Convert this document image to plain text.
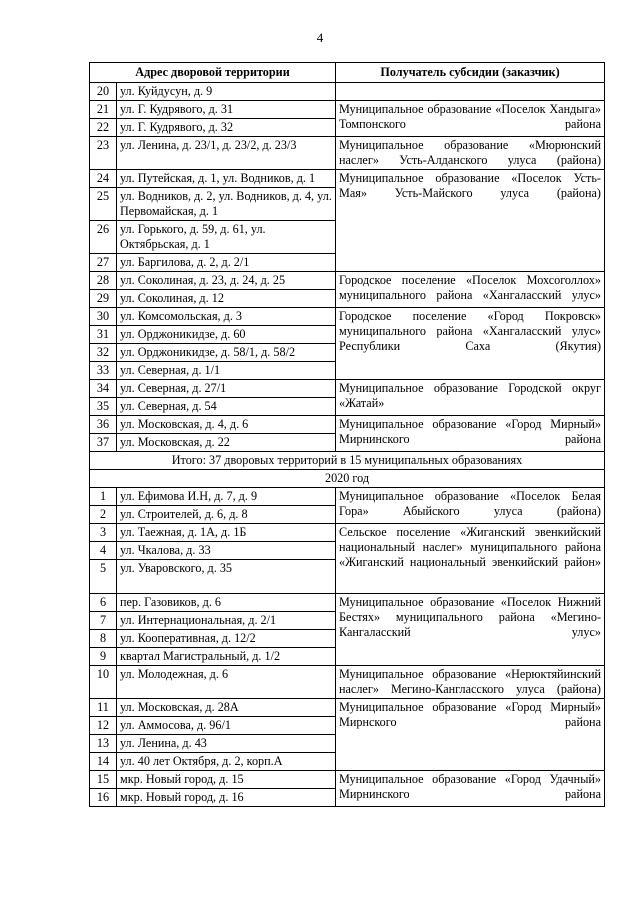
4
Адрес дворовой территории		Получатель субсидии (заказчик)
20	ул. Куйдусун, д. 9	
21	ул. Г. Кудрявого, д. 31	Муниципальное образование «Поселок Хандыга» Томпонского района
22	ул. Г. Кудрявого, д. 32	
23	ул. Ленина, д. 23/1, д. 23/2, д. 23/3	Муниципальное образование «Мюрюнский наслег» Усть-Алданского улуса (района)
24	ул. Путейская, д. 1, ул. Водников, д. 1	Муниципальное образование «Поселок Усть-Мая» Усть-Майского улуса (района)
25	ул. Водников, д. 2, ул. Водников, д. 4, ул. Первомайская, д. 1	
26	ул. Горького, д. 59, д. 61, ул. Октябрьская, д. 1	
27	ул. Баргилова, д. 2, д. 2/1	
28	ул. Соколиная, д. 23, д. 24, д. 25	Городское поселение «Поселок Мохсоголлох» муниципального района «Хангаласский улус»
29	ул. Соколиная, д. 12	
30	ул. Комсомольская, д. 3	Городское поселение «Город Покровск» муниципального района «Хангаласский улус» Республики Саха (Якутия)
31	ул. Орджоникидзе, д. 60	
32	ул. Орджоникидзе, д. 58/1, д. 58/2	
33	ул. Северная, д. 1/1	
34	ул. Северная, д. 27/1	Муниципальное образование Городской округ «Жатай»
35	ул. Северная, д. 54	
36	ул. Московская, д. 4, д. 6	Муниципальное образование «Город Мирный» Мирнинского района
37	ул. Московская, д. 22	
Итого: 37 дворовых территорий в 15 муниципальных образованиях		
2020 год		
1	ул. Ефимова И.Н, д. 7, д. 9	Муниципальное образование «Поселок Белая Гора» Абыйского улуса (района)
2	ул. Строителей, д. 6, д. 8	
3	ул. Таежная, д. 1А, д. 1Б	Сельское поселение «Жиганский эвенкийский национальный наслег» муниципального района «Жиганский национальный эвенкийский район»
4	ул. Чкалова, д. 33	
5	ул. Уваровского, д. 35	
6	пер. Газовиков, д. 6	Муниципальное образование «Поселок Нижний Бестях» муниципального района «Мегино-Кангаласский улус»
7	ул. Интернациональная, д. 2/1	
8	ул. Кооперативная, д. 12/2	
9	квартал Магистральный, д. 1/2	
10	ул. Молодежная, д. 6	Муниципальное образование «Нерюктяйинский наслег» Мегино-Кангласского улуса (района)
11	ул. Московская, д. 28А	Муниципальное образование «Город Мирный» Мирнского района
12	ул. Аммосова, д. 96/1	
13	ул. Ленина, д. 43	
14	ул. 40 лет Октября, д. 2, корп.А	
15	мкр. Новый город, д. 15	Муниципальное образование «Город Удачный» Мирнинского района
16	мкр. Новый город, д. 16	
